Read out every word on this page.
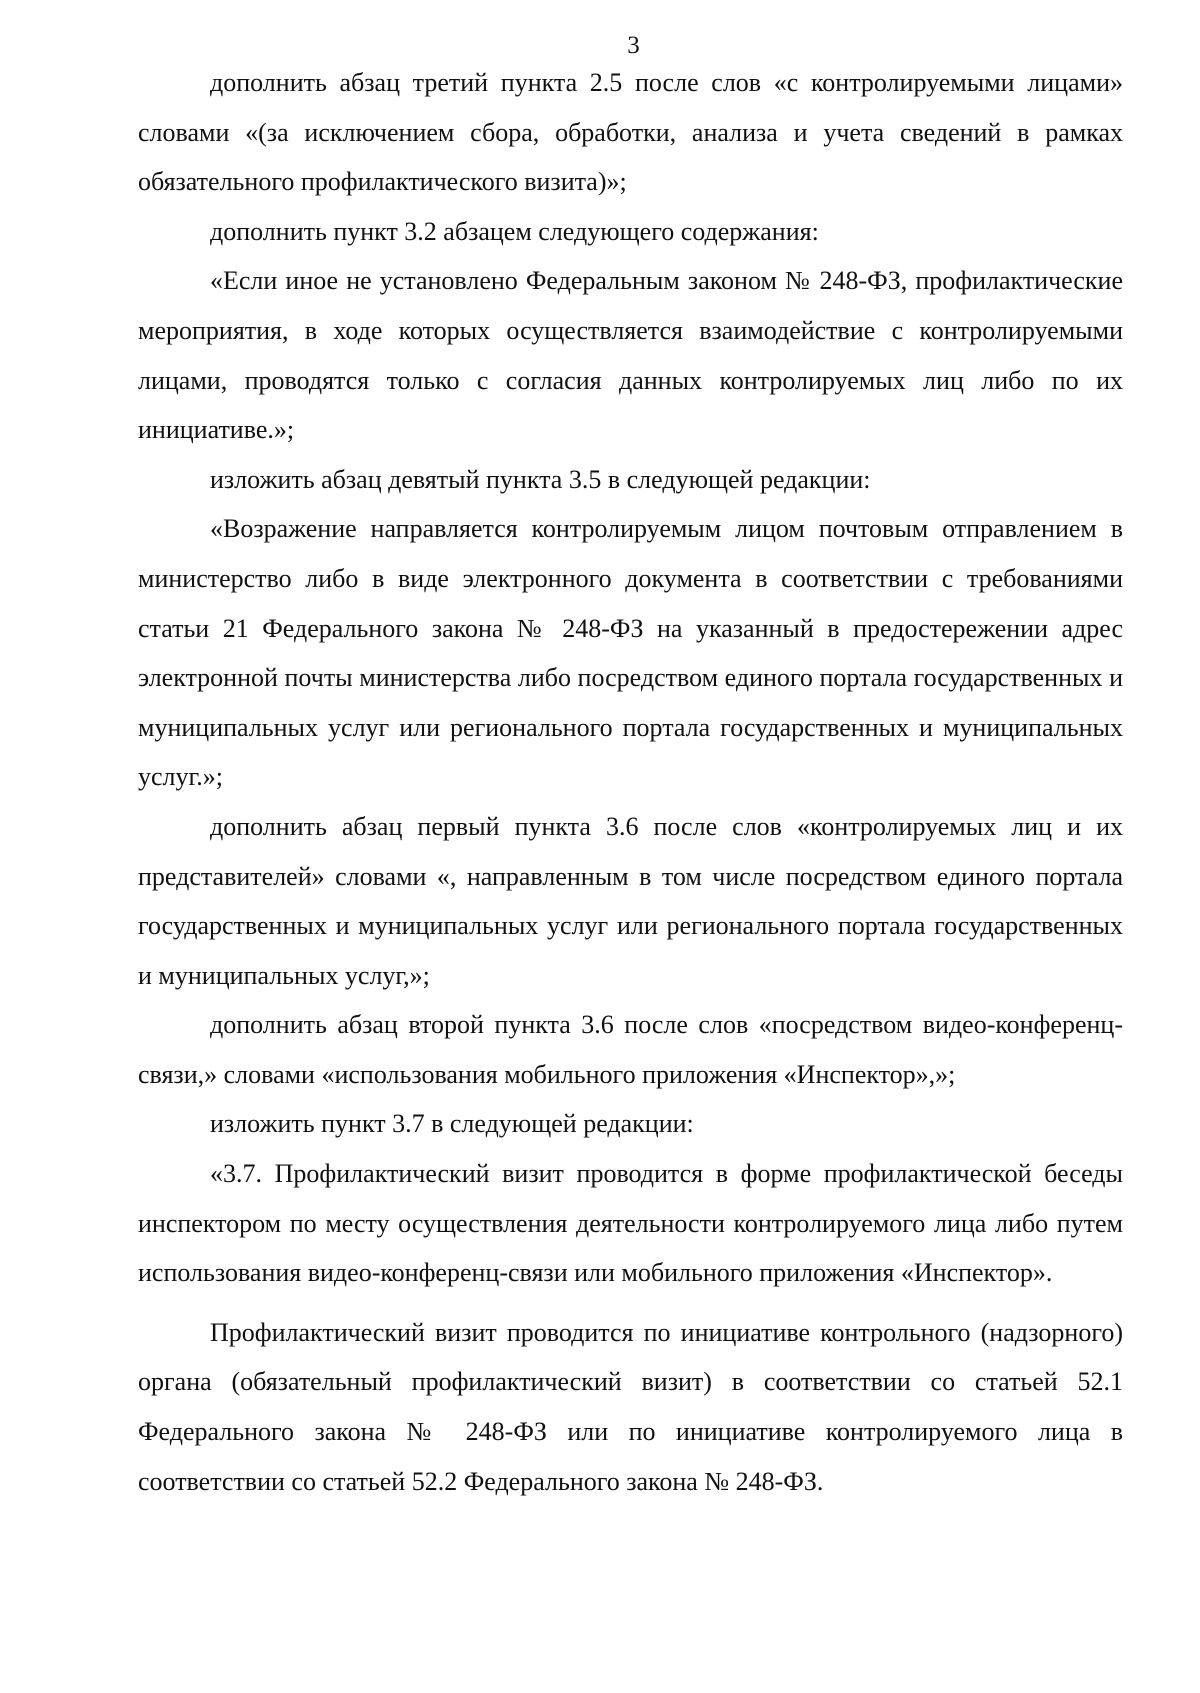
3

дополнить абзац третий пункта 2.5 после слов «с контролируемыми лицами» словами «(за исключением сбора, обработки, анализа и учета сведений в рамках обязательного профилактического визита)»;

дополнить пункт 3.2 абзацем следующего содержания:

«Если иное не установлено Федеральным законом № 248-ФЗ, профилактические мероприятия, в ходе которых осуществляется взаимодействие с контролируемыми лицами, проводятся только с согласия данных контролируемых лиц либо по их инициативе.»;

изложить абзац девятый пункта 3.5 в следующей редакции:

«Возражение направляется контролируемым лицом почтовым отправлением в министерство либо в виде электронного документа в соответствии с требованиями статьи 21 Федерального закона № 248-ФЗ на указанный в предостережении адрес электронной почты министерства либо посредством единого портала государственных и муниципальных услуг или регионального портала государственных и муниципальных услуг.»;

дополнить абзац первый пункта 3.6 после слов «контролируемых лиц и их представителей» словами «, направленным в том числе посредством единого портала государственных и муниципальных услуг или регионального портала государственных и муниципальных услуг,»;

дополнить абзац второй пункта 3.6 после слов «посредством видео-конференц-связи,» словами «использования мобильного приложения «Инспектор»,»;

изложить пункт 3.7 в следующей редакции:

«3.7. Профилактический визит проводится в форме профилактической беседы инспектором по месту осуществления деятельности контролируемого лица либо путем использования видео-конференц-связи или мобильного приложения «Инспектор».

Профилактический визит проводится по инициативе контрольного (надзорного) органа (обязательный профилактический визит) в соответствии со статьей 52.1 Федерального закона № 248-ФЗ или по инициативе контролируемого лица в соответствии со статьей 52.2 Федерального закона № 248-ФЗ.
